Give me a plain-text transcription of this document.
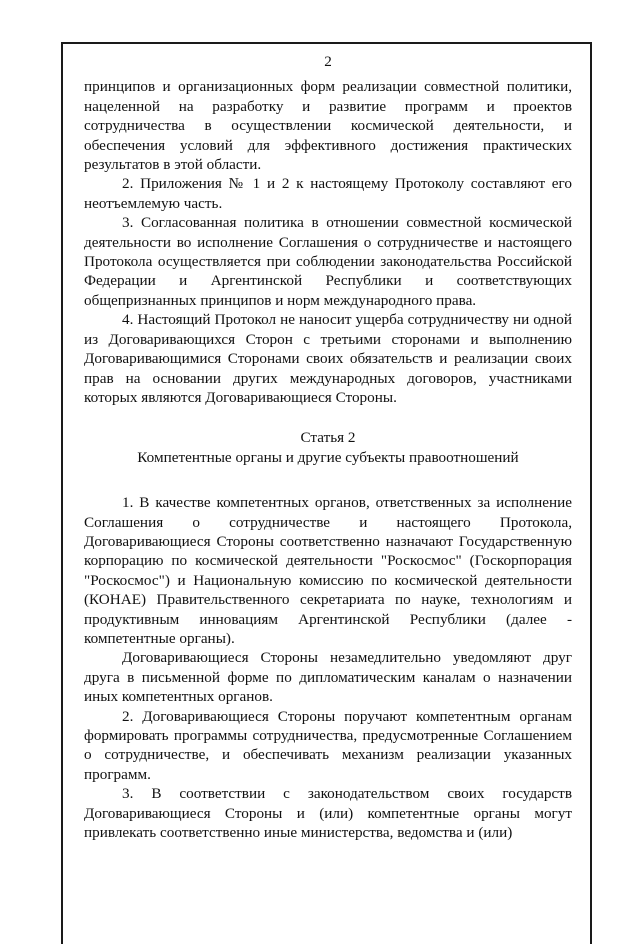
2

принципов и организационных форм реализации совместной политики, нацеленной на разработку и развитие программ и проектов сотрудничества в осуществлении космической деятельности, и обеспечения условий для эффективного достижения практических результатов в этой области.

2. Приложения № 1 и 2 к настоящему Протоколу составляют его неотъемлемую часть.

3. Согласованная политика в отношении совместной космической деятельности во исполнение Соглашения о сотрудничестве и настоящего Протокола осуществляется при соблюдении законодательства Российской Федерации и Аргентинской Республики и соответствующих общепризнанных принципов и норм международного права.

4. Настоящий Протокол не наносит ущерба сотрудничеству ни одной из Договаривающихся Сторон с третьими сторонами и выполнению Договаривающимися Сторонами своих обязательств и реализации своих прав на основании других международных договоров, участниками которых являются Договаривающиеся Стороны.

Статья 2
Компетентные органы и другие субъекты правоотношений

1. В качестве компетентных органов, ответственных за исполнение Соглашения о сотрудничестве и настоящего Протокола, Договаривающиеся Стороны соответственно назначают Государственную корпорацию по космической деятельности "Роскосмос" (Госкорпорация "Роскосмос") и Национальную комиссию по космической деятельности (КОНАЕ) Правительственного секретариата по науке, технологиям и продуктивным инновациям Аргентинской Республики (далее - компетентные органы).

Договаривающиеся Стороны незамедлительно уведомляют друг друга в письменной форме по дипломатическим каналам о назначении иных компетентных органов.

2. Договаривающиеся Стороны поручают компетентным органам формировать программы сотрудничества, предусмотренные Соглашением о сотрудничестве, и обеспечивать механизм реализации указанных программ.

3. В соответствии с законодательством своих государств Договаривающиеся Стороны и (или) компетентные органы могут привлекать соответственно иные министерства, ведомства и (или)
